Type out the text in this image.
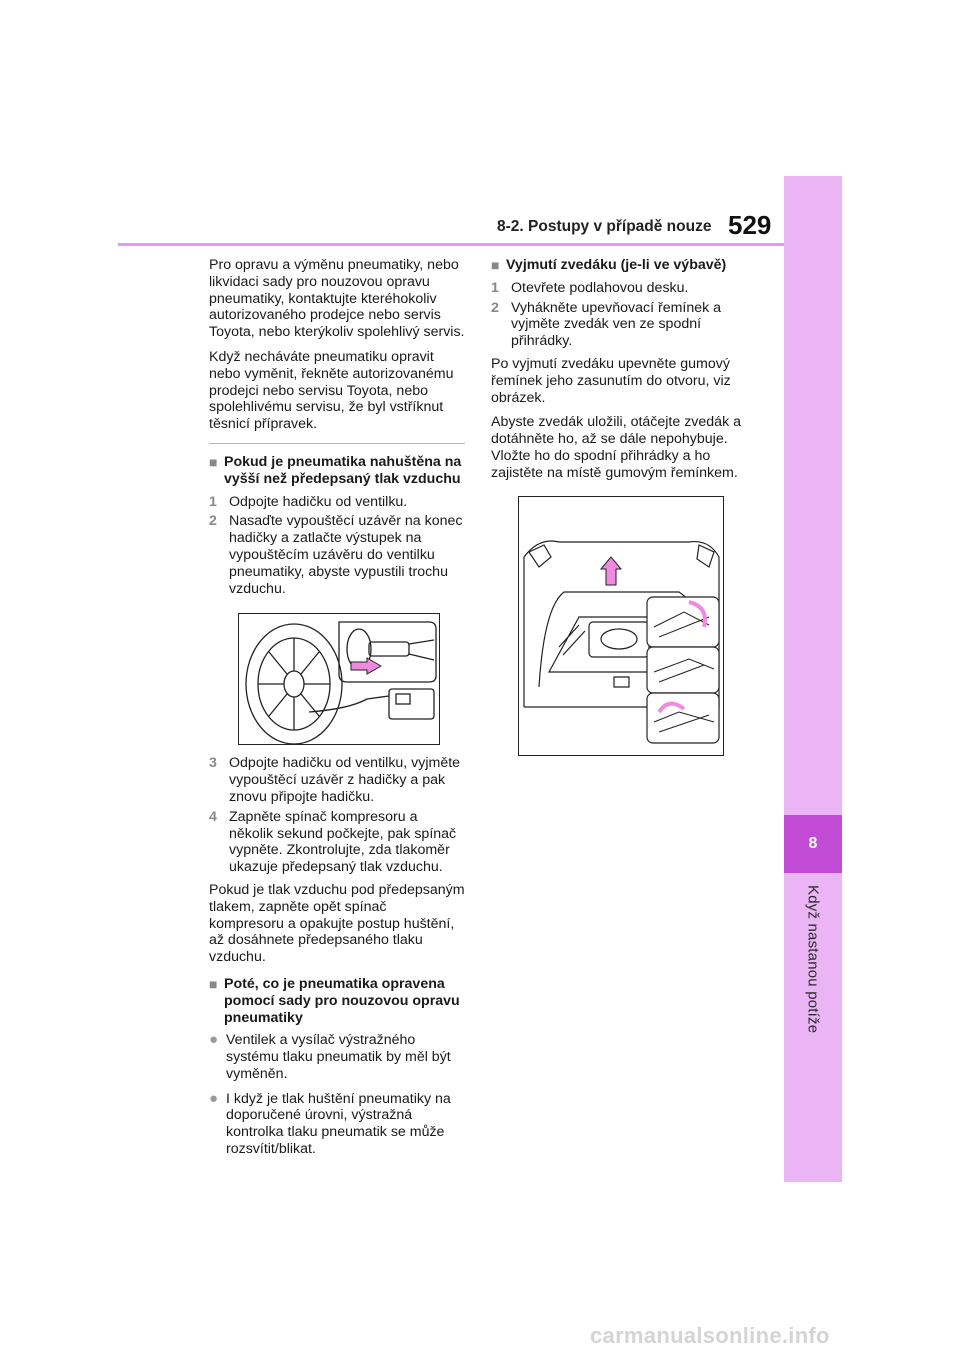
8
Když nastanou potíže
8-2. Postupy v případě nouze 529

Pro opravu a výměnu pneumatiky, nebo likvidaci sady pro nouzovou opravu pneumatiky, kontaktujte kteréhokoliv autorizovaného prodejce nebo servis Toyota, nebo kterýkoliv spolehlivý servis.

Když necháváte pneumatiku opravit nebo vyměnit, řekněte autorizovanému prodejci nebo servisu Toyota, nebo spolehlivému servisu, že byl vstříknut těsnicí přípravek.

■ Pokud je pneumatika nahuštěna na vyšší než předepsaný tlak vzduchu
1 Odpojte hadičku od ventilku.
2 Nasaďte vypouštěcí uzávěr na konec hadičky a zatlačte výstupek na vypouštěcím uzávěru do ventilku pneumatiky, abyste vypustili trochu vzduchu.
3 Odpojte hadičku od ventilku, vyjměte vypouštěcí uzávěr z hadičky a pak znovu připojte hadičku.
4 Zapněte spínač kompresoru a několik sekund počkejte, pak spínač vypněte. Zkontrolujte, zda tlakoměr ukazuje předepsaný tlak vzduchu.

Pokud je tlak vzduchu pod předepsaným tlakem, zapněte opět spínač kompresoru a opakujte postup huštění, až dosáhnete předepsaného tlaku vzduchu.

■ Poté, co je pneumatika opravena pomocí sady pro nouzovou opravu pneumatiky
● Ventilek a vysílač výstražného systému tlaku pneumatik by měl být vyměněn.
● I když je tlak huštění pneumatiky na doporučené úrovni, výstražná kontrolka tlaku pneumatik se může rozsvítit/blikat.
■ Vyjmutí zvedáku (je-li ve výbavě)
1 Otevřete podlahovou desku.
2 Vyhákněte upevňovací řemínek a vyjměte zvedák ven ze spodní přihrádky.

Po vyjmutí zvedáku upevněte gumový řemínek jeho zasunutím do otvoru, viz obrázek.

Abyste zvedák uložili, otáčejte zvedák a dotáhněte ho, až se dále nepohybuje. Vložte ho do spodní přihrádky a ho zajistěte na místě gumovým řemínkem.

carmanualsonline.info
